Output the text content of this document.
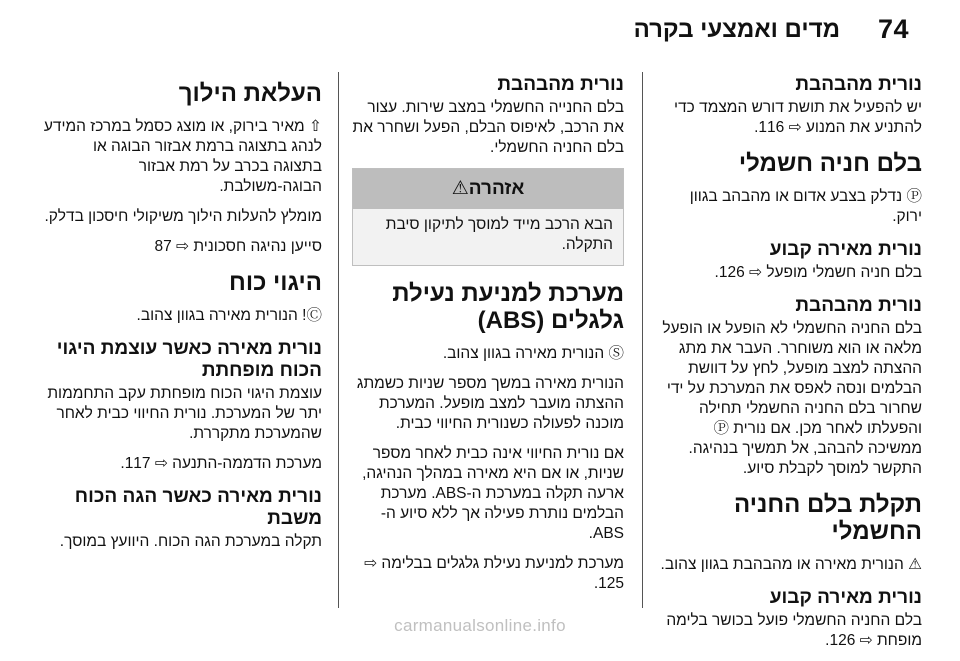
74
מדים ואמצעי בקרה
נורית מהבהבת

יש להפעיל את תושת דורש המצמד כדי להתניע את המנוע ⇨ 116.

בלם חניה חשמלי

Ⓟ נדלק בצבע אדום או מהבהב בגוון ירוק.

נורית מאירה קבוע

בלם חניה חשמלי מופעל ⇨ 126.

נורית מהבהבת

בלם החניה החשמלי לא הופעל או הופעל מלאה או הוא משוחרר. העבר את מתג ההצתה למצב מופעל, לחץ על דוושת הבלמים ונסה לאפס את המערכת על ידי שחרור בלם החניה החשמלי תחילה והפעלתו לאחר מכן. אם נורית Ⓟ ממשיכה להבהב, אל תמשיך בנהיגה. התקשר למוסך לקבלת סיוע.

תקלת בלם החניה החשמלי

⚠ הנורית מאירה או מהבהבת בגוון צהוב.

נורית מאירה קבוע

בלם החניה החשמלי פועל בכושר בלימה מופחת ⇨ 126.

נורית מהבהבת

בלם החנייה החשמלי במצב שירות. עצור את הרכב, לאיפוס הבלם, הפעל ושחרר את בלם החניה החשמלי.

אזהרה⚠
הבא הרכב מייד למוסך לתיקון סיבת התקלה.
מערכת למניעת נעילת גלגלים (ABS)

Ⓢ הנורית מאירה בגוון צהוב.

הנורית מאירה במשך מספר שניות כשמתג ההצתה מועבר למצב מופעל. המערכת מוכנה לפעולה כשנורית החיווי כבית.

אם נורית החיווי אינה כבית לאחר מספר שניות, או אם היא מאירה במהלך הנהיגה, ארעה תקלה במערכת ה-ABS. מערכת הבלמים נותרת פעילה אך ללא סיוע ה-ABS.

מערכת למניעת נעילת גלגלים בבלימה ⇨ 125.

העלאת הילוך

⇧ מאיר בירוק, או מוצג כסמל במרכז המידע לנהג בתצוגה ברמת אבזור הבוגה או בתצוגה בכרב על רמת אבזור הבוגה-משולבת.

מומלץ להעלות הילוך משיקולי חיסכון בדלק.

סייען נהיגה חסכונית ⇨ 87

היגוי כוח

Ⓒ! הנורית מאירה בגוון צהוב.

נורית מאירה כאשר עוצמת היגוי הכוח מופחתת

עוצמת היגוי הכוח מופחתת עקב התחממות יתר של המערכת. נורית החיווי כבית לאחר שהמערכת מתקררת.

מערכת הדממה-התנעה ⇨ 117.

נורית מאירה כאשר הגה הכוח משבת

תקלה במערכת הגה הכוח. היוועץ במוסך.

carmanualsonline.info
